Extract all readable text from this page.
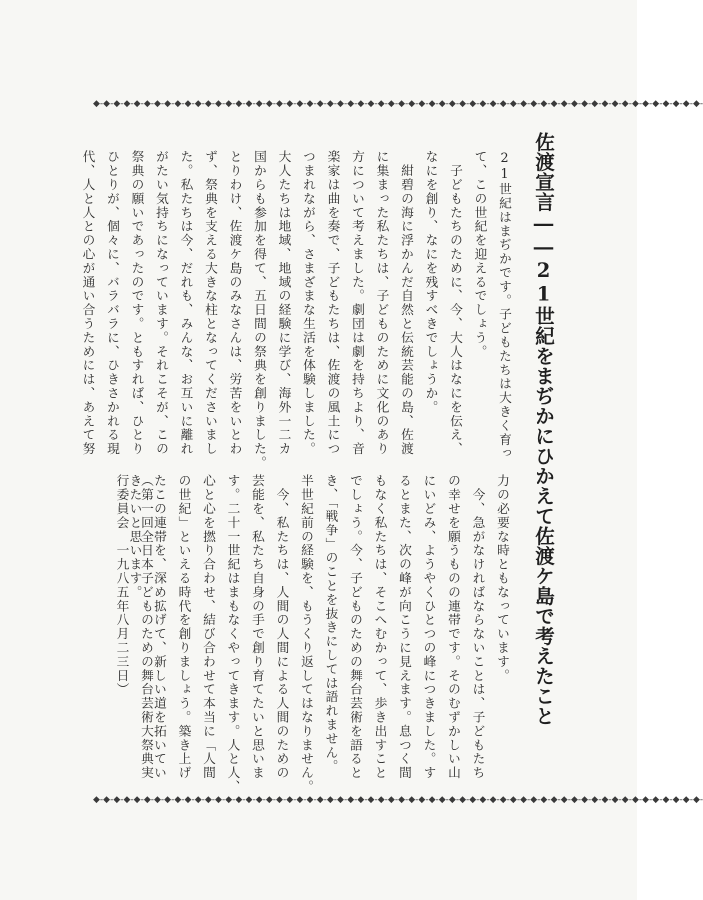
◆-◆-◆-◆-◆-◆-◆-◆-◆-◆-◆-◆-◆-◆-◆-◆-◆-◆-◆-◆-◆-◆-◆-◆-◆-◆-◆-◆-◆-◆-◆-◆-◆-◆-◆-◆-◆-◆-◆-◆-◆-◆-◆-◆-◆-◆-◆-◆-◆-◆-◆-◆-◆-◆-◆-◆-◆-◆-◆-◆-
佐渡宣言――21世紀をまぢかにひかえて佐渡ケ島で考えたこと
21世紀はまぢかです。子どもたちは大きく育っ
て、この世紀を迎えるでしょう。
　子どもたちのために、今、大人はなにを伝え、
なにを創り、なにを残すべきでしょうか。
　紺碧の海に浮かんだ自然と伝統芸能の島、佐渡
に集まった私たちは、子どものために文化のあり
方について考えました。劇団は劇を持ちより、音
楽家は曲を奏で、子どもたちは、佐渡の風土につ
つまれながら、さまざまな生活を体験しました。
大人たちは地域、地域の経験に学び、海外一二カ
国からも参加を得て、五日間の祭典を創りました。
とりわけ、佐渡ケ島のみなさんは、労苦をいとわ
ず、祭典を支える大きな柱となってくださいまし
た。私たちは今、だれも、みんな、お互いに離れ
がたい気持ちになっています。それこそが、この
祭典の願いであったのです。ともすれば、ひとり
ひとりが、個々に、バラバラに、ひきさかれる現
代、人と人との心が通い合うためには、あえて努
力の必要な時ともなっています。
　今、急がなければならないことは、子どもたち
の幸せを願うものの連帯です。そのむずかしい山
にいどみ、ようやくひとつの峰につきました。す
るとまた、次の峰が向こうに見えます。息つく間
もなく私たちは、そこへむかって、歩き出すこと
でしょう。今、子どものための舞台芸術を語ると
き、「戦争」のことを抜きにしては語れません。
半世紀前の経験を、もうくり返してはなりません。
　今、私たちは、人間の人間による人間のための
芸能を、私たち自身の手で創り育てたいと思いま
す。二十一世紀はまもなくやってきます。人と人、
心と心を撚り合わせ、結び合わせて本当に「人間
の世紀」といえる時代を創りましょう。築き上げ
たこの連帯を、深め拡げて、新しい道を拓いてい
きたいと思います。
（第一回全日本子どものための舞台芸術大祭典実
行委員会　一九八五年八月二三日）
◆-◆-◆-◆-◆-◆-◆-◆-◆-◆-◆-◆-◆-◆-◆-◆-◆-◆-◆-◆-◆-◆-◆-◆-◆-◆-◆-◆-◆-◆-◆-◆-◆-◆-◆-◆-◆-◆-◆-◆-◆-◆-◆-◆-◆-◆-◆-◆-◆-◆-◆-◆-◆-◆-◆-◆-◆-◆-◆-◆-
